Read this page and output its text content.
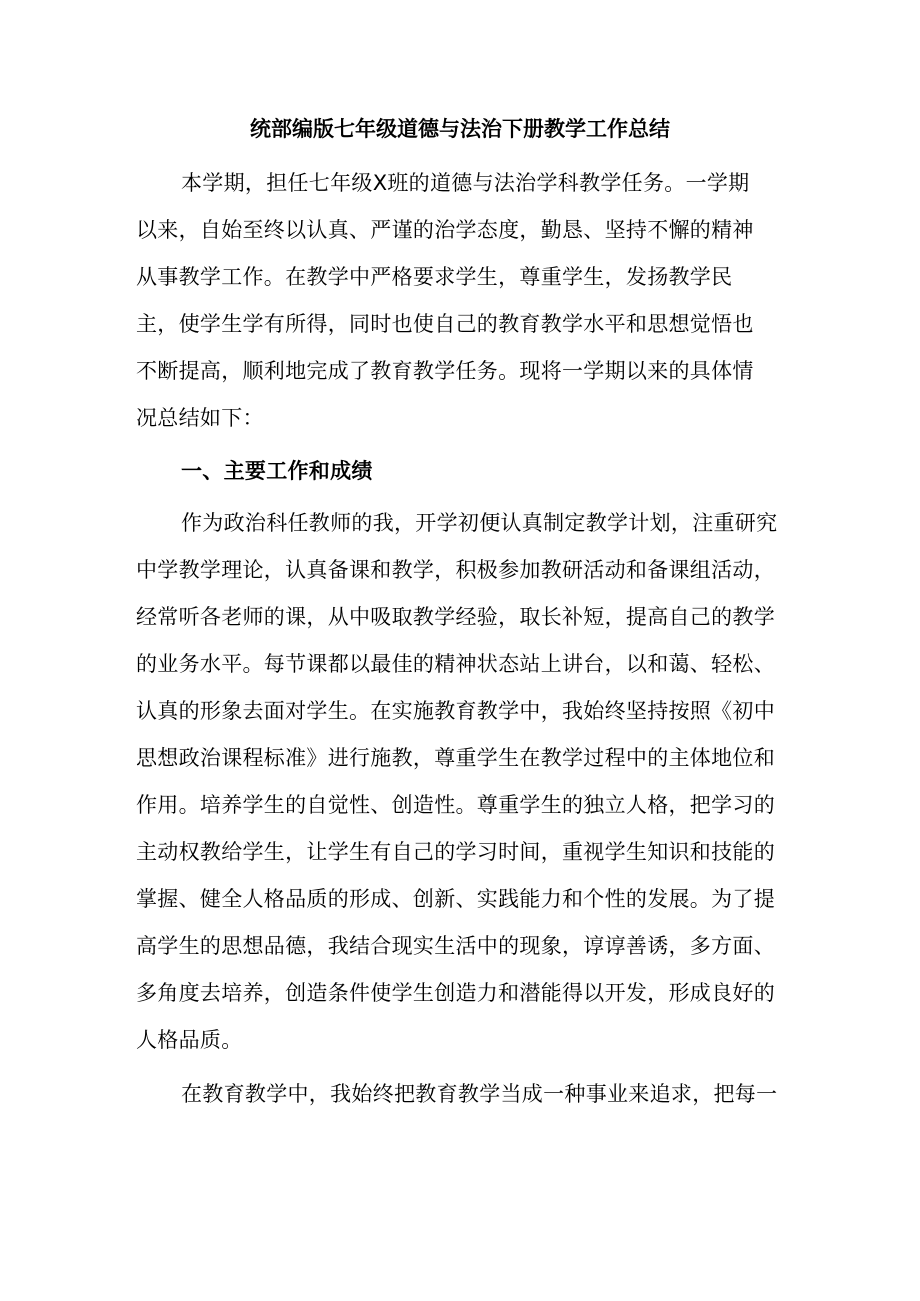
统部编版七年级道德与法治下册教学工作总结
本学期，担任七年级X班的道德与法治学科教学任务。一学期
以来，自始至终以认真、严谨的治学态度，勤恳、坚持不懈的精神
从事教学工作。在教学中严格要求学生，尊重学生，发扬教学民
主，使学生学有所得，同时也使自己的教育教学水平和思想觉悟也
不断提高，顺利地完成了教育教学任务。现将一学期以来的具体情
况总结如下：
一、主要工作和成绩
作为政治科任教师的我，开学初便认真制定教学计划，注重研究
中学教学理论，认真备课和教学，积极参加教研活动和备课组活动，
经常听各老师的课，从中吸取教学经验，取长补短，提高自己的教学
的业务水平。每节课都以最佳的精神状态站上讲台，以和蔼、轻松、
认真的形象去面对学生。在实施教育教学中，我始终坚持按照《初中
思想政治课程标准》进行施教，尊重学生在教学过程中的主体地位和
作用。培养学生的自觉性、创造性。尊重学生的独立人格，把学习的
主动权教给学生，让学生有自己的学习时间，重视学生知识和技能的
掌握、健全人格品质的形成、创新、实践能力和个性的发展。为了提
高学生的思想品德，我结合现实生活中的现象，谆谆善诱，多方面、
多角度去培养，创造条件使学生创造力和潜能得以开发，形成良好的
人格品质。
在教育教学中，我始终把教育教学当成一种事业来追求，把每一
